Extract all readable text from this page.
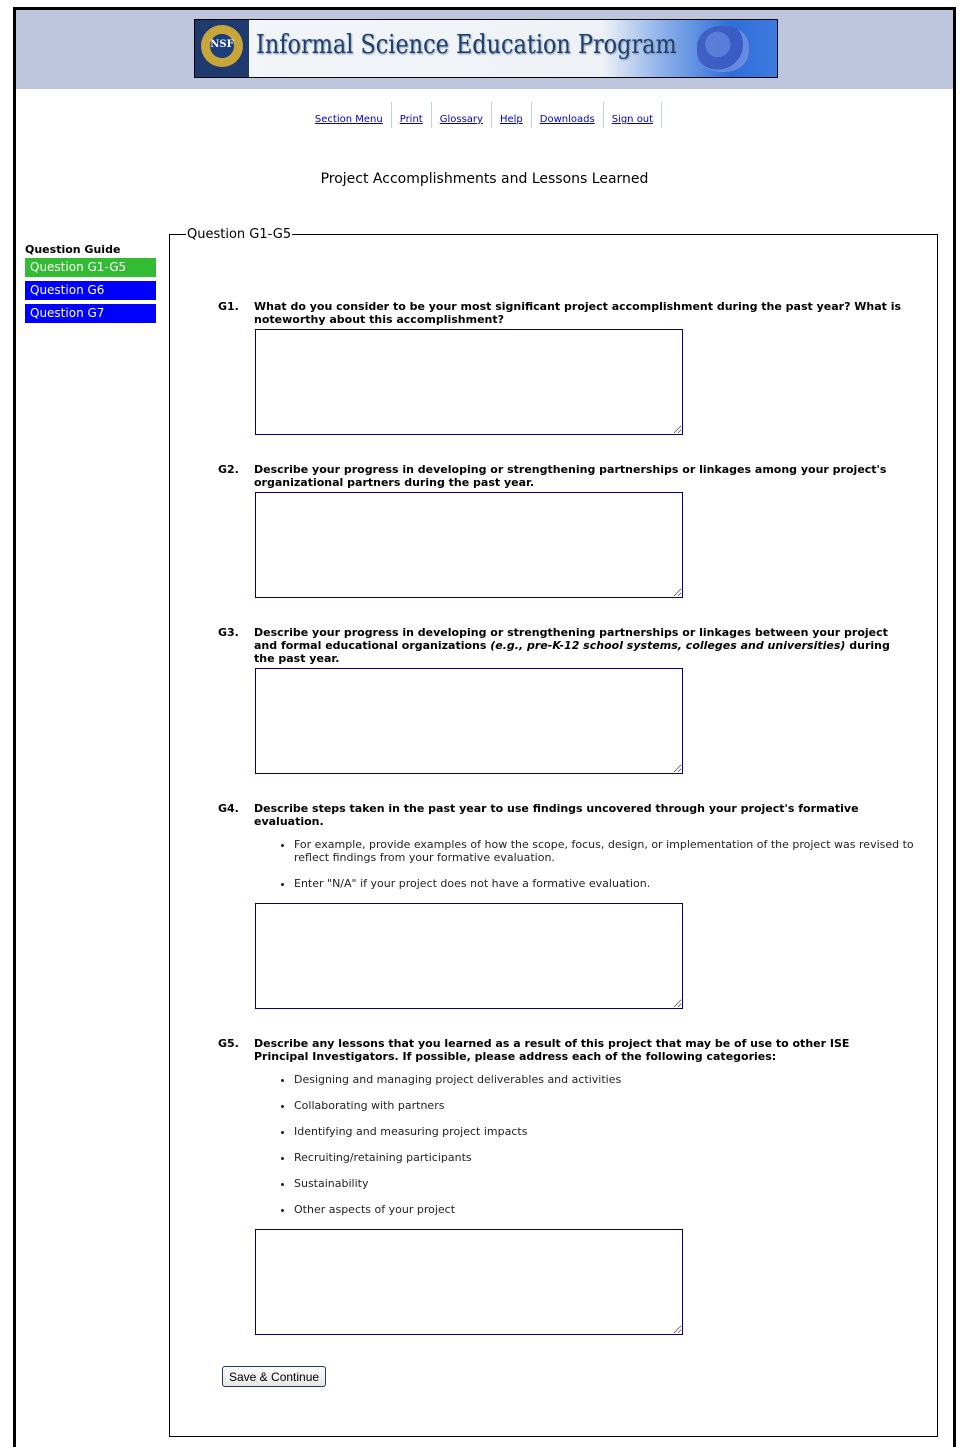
NSF Informal Science Education Program
Section Menu Print Glossary Help Downloads Sign out
Project Accomplishments and Lessons Learned
Question Guide
Question G1-G5
Question G6
Question G7
Question G1-G5
G1. What do you consider to be your most significant project accomplishment during the past year? What is noteworthy about this accomplishment?
G2. Describe your progress in developing or strengthening partnerships or linkages among your project's organizational partners during the past year.
G3. Describe your progress in developing or strengthening partnerships or linkages between your project and formal educational organizations (e.g., pre-K-12 school systems, colleges and universities) during the past year.
G4. Describe steps taken in the past year to use findings uncovered through your project's formative evaluation.
• For example, provide examples of how the scope, focus, design, or implementation of the project was revised to reflect findings from your formative evaluation.
• Enter "N/A" if your project does not have a formative evaluation.
G5. Describe any lessons that you learned as a result of this project that may be of use to other ISE Principal Investigators. If possible, please address each of the following categories:
• Designing and managing project deliverables and activities
• Collaborating with partners
• Identifying and measuring project impacts
• Recruiting/retaining participants
• Sustainability
• Other aspects of your project
Save & Continue
